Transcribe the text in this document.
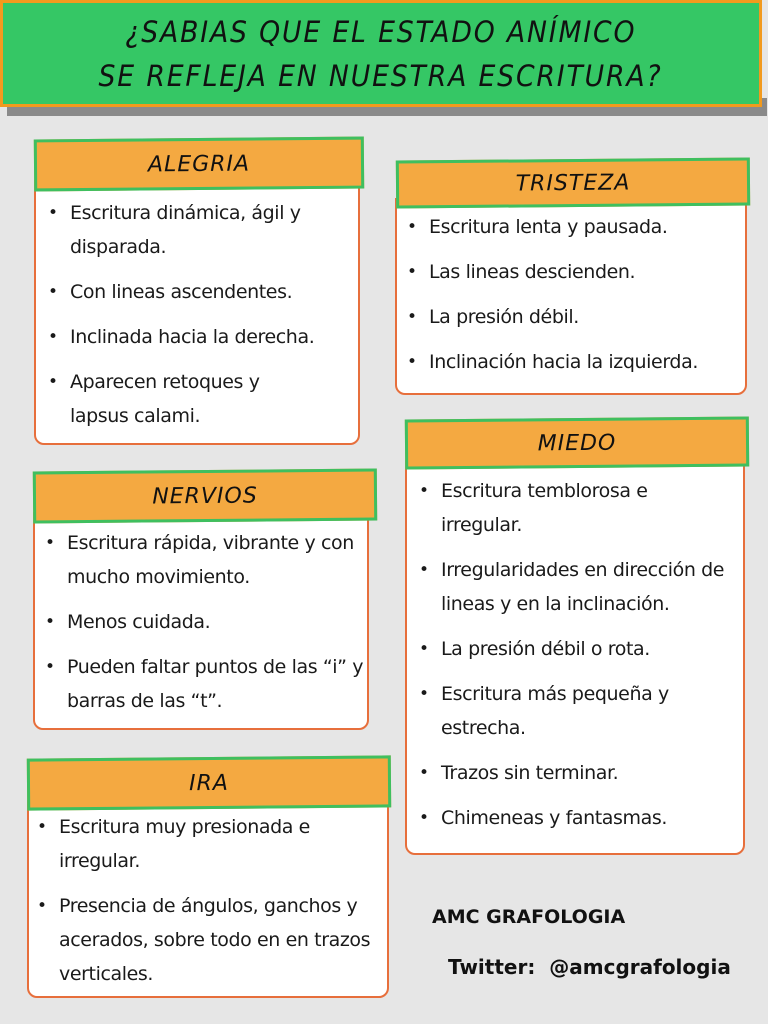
¿SABIAS QUE EL ESTADO ANÍMICO
SE REFLEJA EN NUESTRA ESCRITURA?
• Escritura dinámica, ágil y disparada.
• Con lineas ascendentes.
• Inclinada hacia la derecha.
• Aparecen retoques y lapsus calami.
ALEGRIA
• Escritura lenta y pausada.
• Las lineas descienden.
• La presión débil.
• Inclinación hacia la izquierda.
TRISTEZA
• Escritura rápida, vibrante y con mucho movimiento.
• Menos cuidada.
• Pueden faltar puntos de las “i” y barras de las “t”.
NERVIOS	• Escritura temblorosa e irregular.
• Irregularidades en dirección de lineas y en la inclinación.
• La presión débil o rota.
• Escritura más pequeña y estrecha.
• Trazos sin terminar.
• Chimeneas y fantasmas.
MIEDO
• Escritura muy presionada e irregular.
• Presencia de ángulos, ganchos y acerados, sobre todo en en trazos verticales.
IRA
AMC GRAFOLOGIA
Twitter:  @amcgrafologia
